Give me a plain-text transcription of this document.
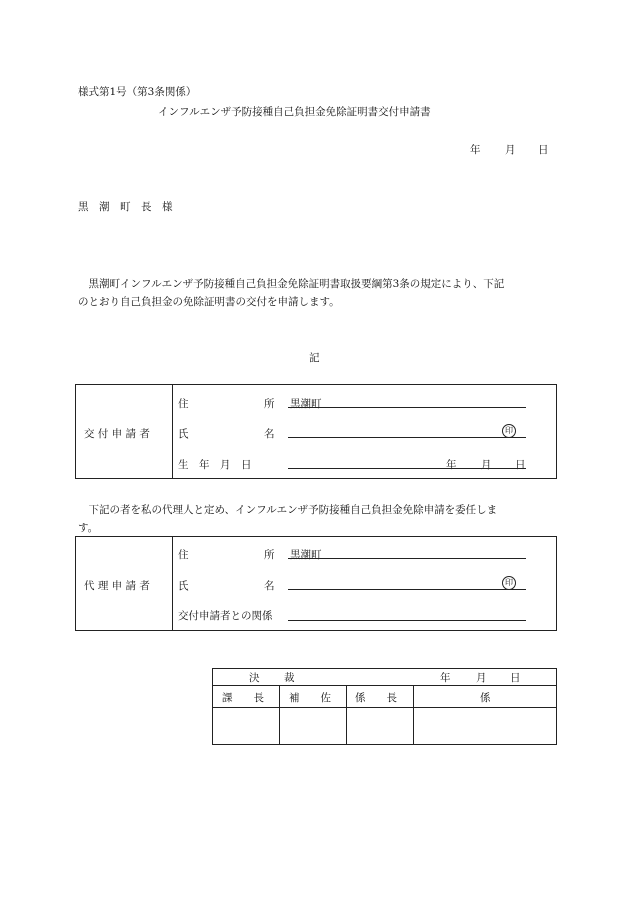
様式第1号（第3条関係）
インフルエンザ予防接種自己負担金免除証明書交付申請書
年 月 日
黒　潮　町　長　様
　黒潮町インフルエンザ予防接種自己負担金免除証明書取扱要綱第3条の規定により、下記
のとおり自己負担金の免除証明書の交付を申請します。
記
交 付 申 請 者
住	所 黒潮町
氏	名	印
生　年　月　日	年 月 日
　下記の者を私の代理人と定め、インフルエンザ予防接種自己負担金免除申請を委任しま
す。
代 理 申 請 者
住	所 黒潮町
氏	名	印
交付申請者との関係
決 裁	年 月 日
課　　長 補　　佐 係　　長	係
